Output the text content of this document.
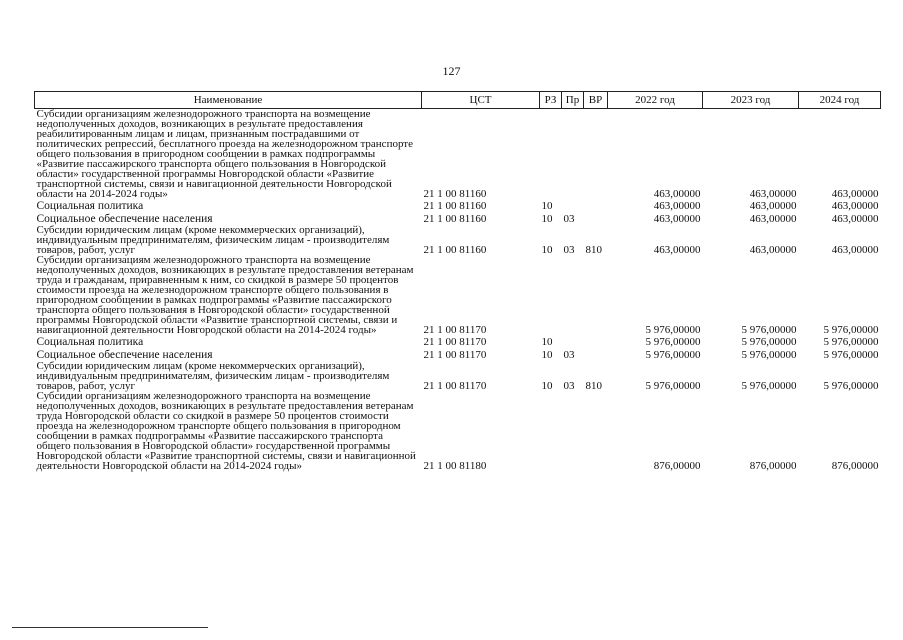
127
Наименование	ЦСТ	РЗ	Пр	ВР	2022 год	2023 год	2024 год
Субсидии организациям железнодорожного транспорта на возмещение недополученных доходов, возникающих в результате предоставления реабилитированным лицам и лицам, признанным пострадавшими от политических репрессий, бесплатного проезда на железнодорожном транспорте общего пользования в пригородном сообщении в рамках подпрограммы «Развитие пассажирского транспорта общего пользования в Новгородской области» государственной программы Новгородской области «Развитие транспортной системы, связи и навигационной деятельности Новгородской области на 2014-2024 годы»	21 1 00 81160				463,00000	463,00000	463,00000
Социальная политика	21 1 00 81160	10			463,00000	463,00000	463,00000
Социальное обеспечение населения	21 1 00 81160	10	03		463,00000	463,00000	463,00000
Субсидии юридическим лицам (кроме некоммерческих организаций), индивидуальным предпринимателям, физическим лицам - производителям товаров, работ, услуг	21 1 00 81160	10	03	810	463,00000	463,00000	463,00000
Субсидии организациям железнодорожного транспорта на возмещение недополученных доходов, возникающих в результате предоставления ветеранам труда и гражданам, приравненным к ним, со скидкой в размере 50 процентов стоимости проезда на железнодорожном транспорте общего пользования в пригородном сообщении в рамках подпрограммы «Развитие пассажирского транспорта общего пользования в Новгородской области» государственной программы Новгородской области «Развитие транспортной системы, связи и навигационной деятельности Новгородской области на 2014-2024 годы»	21 1 00 81170				5 976,00000	5 976,00000	5 976,00000
Социальная политика	21 1 00 81170	10			5 976,00000	5 976,00000	5 976,00000
Социальное обеспечение населения	21 1 00 81170	10	03		5 976,00000	5 976,00000	5 976,00000
Субсидии юридическим лицам (кроме некоммерческих организаций), индивидуальным предпринимателям, физическим лицам - производителям товаров, работ, услуг	21 1 00 81170	10	03	810	5 976,00000	5 976,00000	5 976,00000
Субсидии организациям железнодорожного транспорта на возмещение недополученных доходов, возникающих в результате предоставления ветеранам труда Новгородской области со скидкой в размере 50 процентов стоимости проезда на железнодорожном транспорте общего пользования в пригородном сообщении в рамках подпрограммы «Развитие пассажирского транспорта общего пользования в Новгородской области» государственной программы Новгородской области «Развитие транспортной системы, связи и навигационной деятельности Новгородской области на 2014-2024 годы»	21 1 00 81180				876,00000	876,00000	876,00000
